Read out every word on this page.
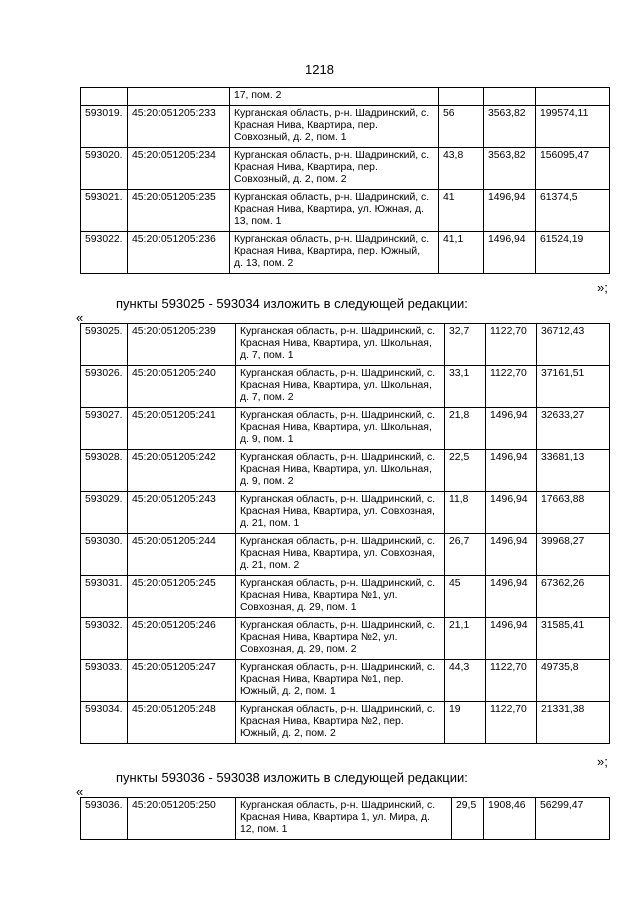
1218

		17, пом. 2			

593019.	45:20:051205:233	Курганская область, р-н. Шадринский, с.
Красная Нива, Квартира, пер.
Совхозный, д. 2, пом. 1	56	3563,82	199574,11
593020.	45:20:051205:234	Курганская область, р-н. Шадринский, с.
Красная Нива, Квартира, пер.
Совхозный, д. 2, пом. 2	43,8	3563,82	156095,47
593021.	45:20:051205:235	Курганская область, р-н. Шадринский, с.
Красная Нива, Квартира, ул. Южная, д.
13, пом. 1	41	1496,94	61374,5
593022.	45:20:051205:236	Курганская область, р-н. Шадринский, с.
Красная Нива, Квартира, пер. Южный,
д. 13, пом. 2	41,1	1496,94	61524,19
»;
пункты 593025 - 593034 изложить в следующей редакции:
«
593025.	45:20:051205:239	Курганская область, р-н. Шадринский, с.
Красная Нива, Квартира, ул. Школьная,
д. 7, пом. 1	32,7	1122,70	36712,43
593026.	45:20:051205:240	Курганская область, р-н. Шадринский, с.
Красная Нива, Квартира, ул. Школьная,
д. 7, пом. 2	33,1	1122,70	37161,51
593027.	45:20:051205:241	Курганская область, р-н. Шадринский, с.
Красная Нива, Квартира, ул. Школьная,
д. 9, пом. 1	21,8	1496,94	32633,27
593028.	45:20:051205:242	Курганская область, р-н. Шадринский, с.
Красная Нива, Квартира, ул. Школьная,
д. 9, пом. 2	22,5	1496,94	33681,13
593029.	45:20:051205:243	Курганская область, р-н. Шадринский, с.
Красная Нива, Квартира, ул. Совхозная,
д. 21, пом. 1	11,8	1496,94	17663,88
593030.	45:20:051205:244	Курганская область, р-н. Шадринский, с.
Красная Нива, Квартира, ул. Совхозная,
д. 21, пом. 2	26,7	1496,94	39968,27
593031.	45:20:051205:245	Курганская область, р-н. Шадринский, с.
Красная Нива, Квартира №1, ул.
Совхозная, д. 29, пом. 1	45	1496,94	67362,26
593032.	45:20:051205:246	Курганская область, р-н. Шадринский, с.
Красная Нива, Квартира №2, ул.
Совхозная, д. 29, пом. 2	21,1	1496,94	31585,41
593033.	45:20:051205:247	Курганская область, р-н. Шадринский, с.
Красная Нива, Квартира №1, пер.
Южный, д. 2, пом. 1	44,3	1122,70	49735,8
593034.	45:20:051205:248	Курганская область, р-н. Шадринский, с.
Красная Нива, Квартира №2, пер.
Южный, д. 2, пом. 2	19	1122,70	21331,38
»;
пункты 593036 - 593038 изложить в следующей редакции:
«
593036.	45:20:051205:250	Курганская область, р-н. Шадринский, с.
Красная Нива, Квартира 1, ул. Мира, д.
12, пом. 1
	29,5	1908,46	56299,47
